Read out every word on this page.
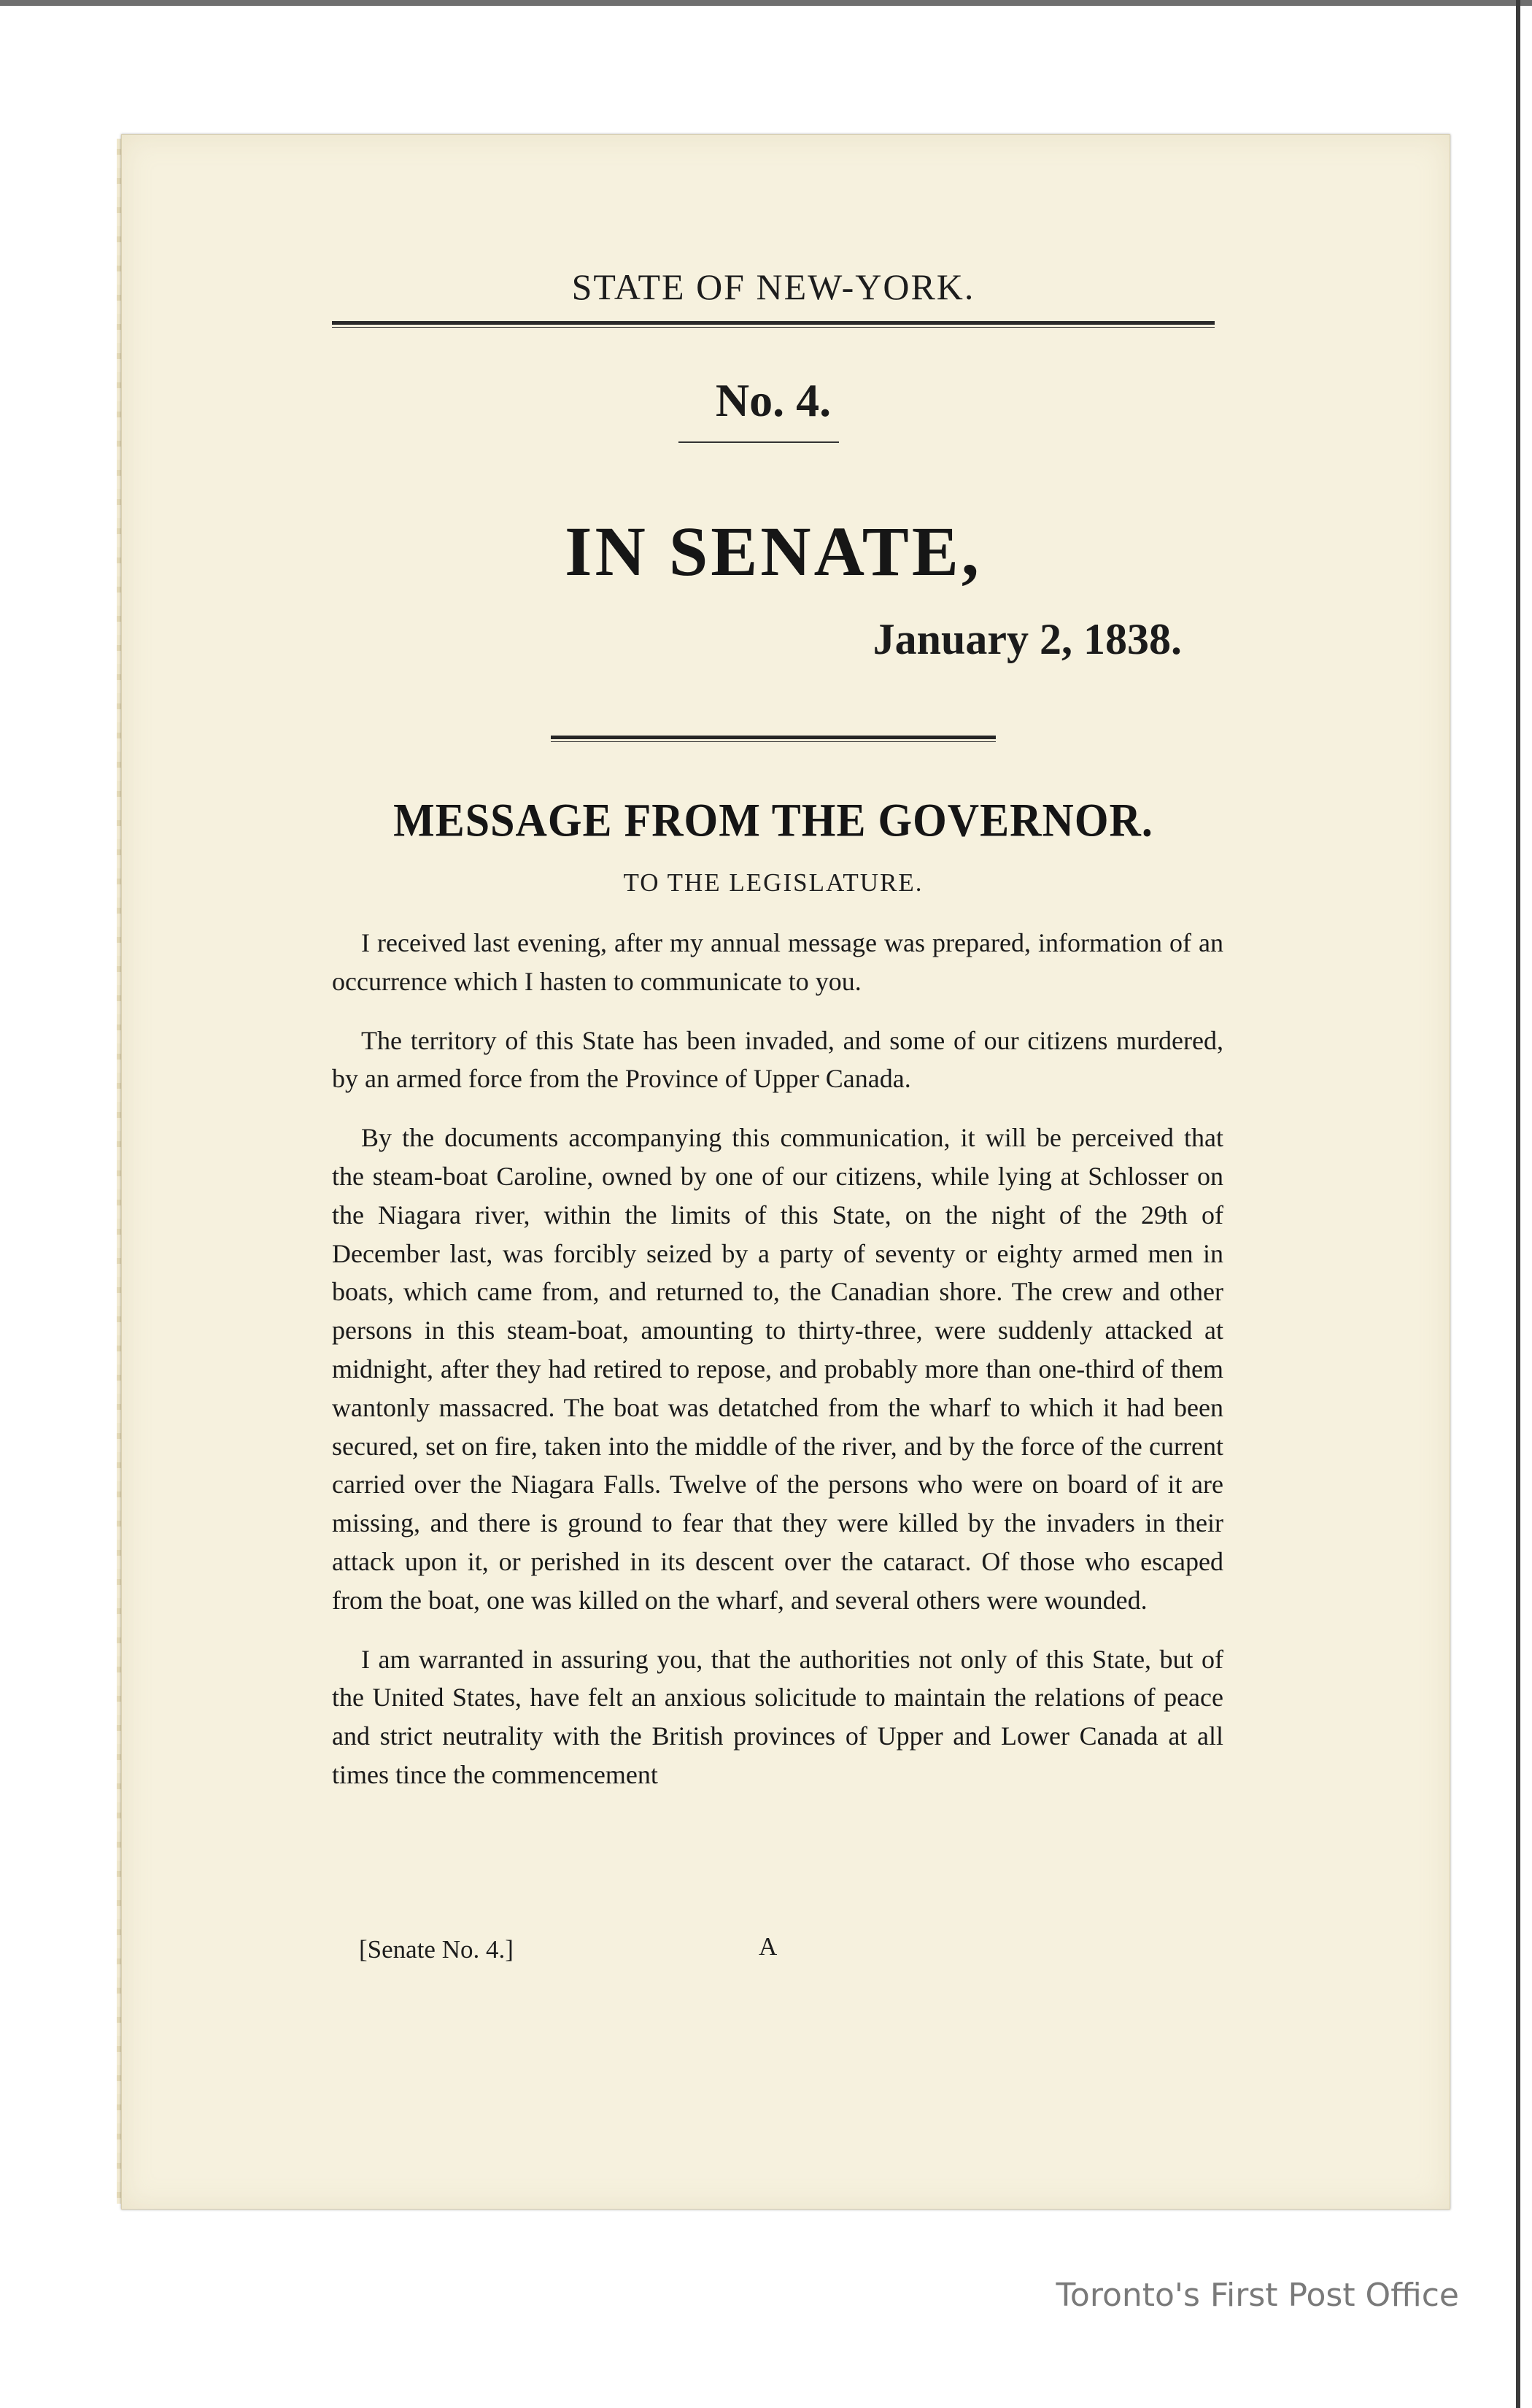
STATE OF NEW-YORK.
No. 4.
IN SENATE,
January 2, 1838.
MESSAGE FROM THE GOVERNOR.
TO THE LEGISLATURE.

I received last evening, after my annual message was prepared, information of an occurrence which I hasten to communicate to you.

The territory of this State has been invaded, and some of our citizens murdered, by an armed force from the Province of Upper Canada.

By the documents accompanying this communication, it will be perceived that the steam-boat Caroline, owned by one of our citizens, while lying at Schlosser on the Niagara river, within the limits of this State, on the night of the 29th of December last, was forcibly seized by a party of seventy or eighty armed men in boats, which came from, and returned to, the Canadian shore. The crew and other persons in this steam-boat, amounting to thirty-three, were suddenly attacked at midnight, after they had retired to repose, and probably more than one-third of them wantonly massacred. The boat was detatched from the wharf to which it had been secured, set on fire, taken into the middle of the river, and by the force of the current carried over the Niagara Falls. Twelve of the persons who were on board of it are missing, and there is ground to fear that they were killed by the invaders in their attack upon it, or perished in its descent over the cataract. Of those who escaped from the boat, one was killed on the wharf, and several others were wounded.

I am warranted in assuring you, that the authorities not only of this State, but of the United States, have felt an anxious solicitude to maintain the relations of peace and strict neutrality with the British provinces of Upper and Lower Canada at all times tince the commencement

[Senate No. 4.]	A
Toronto's First Post Office
